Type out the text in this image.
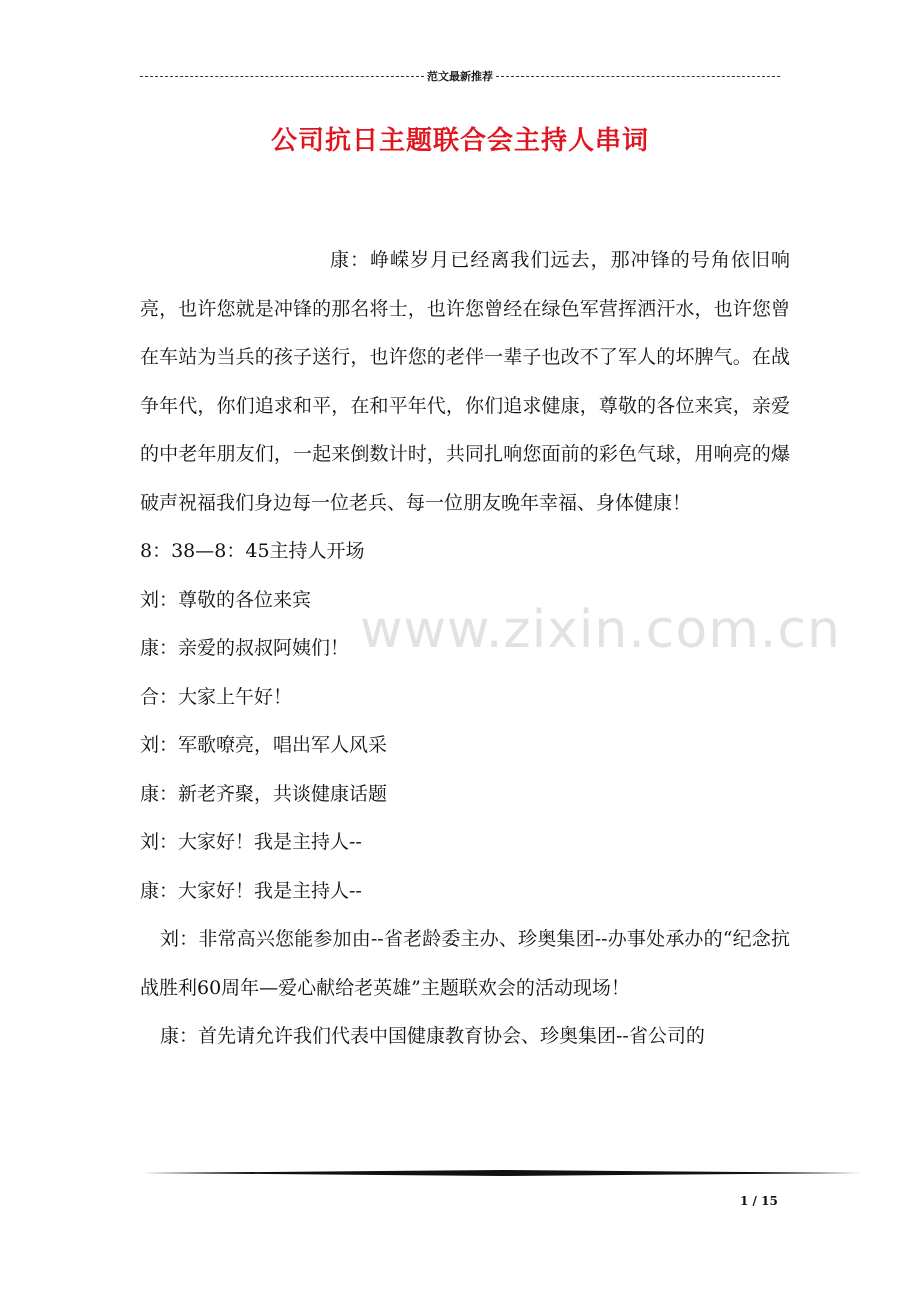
范文最新推荐
公司抗日主题联合会主持人串词

康：峥嵘岁月已经离我们远去，那冲锋的号角依旧响亮，也许您就是冲锋的那名将士，也许您曾经在绿色军营挥洒汗水，也许您曾在车站为当兵的孩子送行，也许您的老伴一辈子也改不了军人的坏脾气。在战争年代，你们追求和平，在和平年代，你们追求健康，尊敬的各位来宾，亲爱的中老年朋友们，一起来倒数计时，共同扎响您面前的彩色气球，用响亮的爆破声祝福我们身边每一位老兵、每一位朋友晚年幸福、身体健康！

8：38—8：45主持人开场

刘：尊敬的各位来宾

康：亲爱的叔叔阿姨们！

合：大家上午好！

刘：军歌嘹亮，唱出军人风采

康：新老齐聚，共谈健康话题

刘：大家好！我是主持人--

康：大家好！我是主持人--

刘：非常高兴您能参加由--省老龄委主办、珍奥集团--办事处承办的“纪念抗战胜利60周年—爱心献给老英雄”主题联欢会的活动现场！

康：首先请允许我们代表中国健康教育协会、珍奥集团--省公司的

www.zixin.com.cn
1 / 15
